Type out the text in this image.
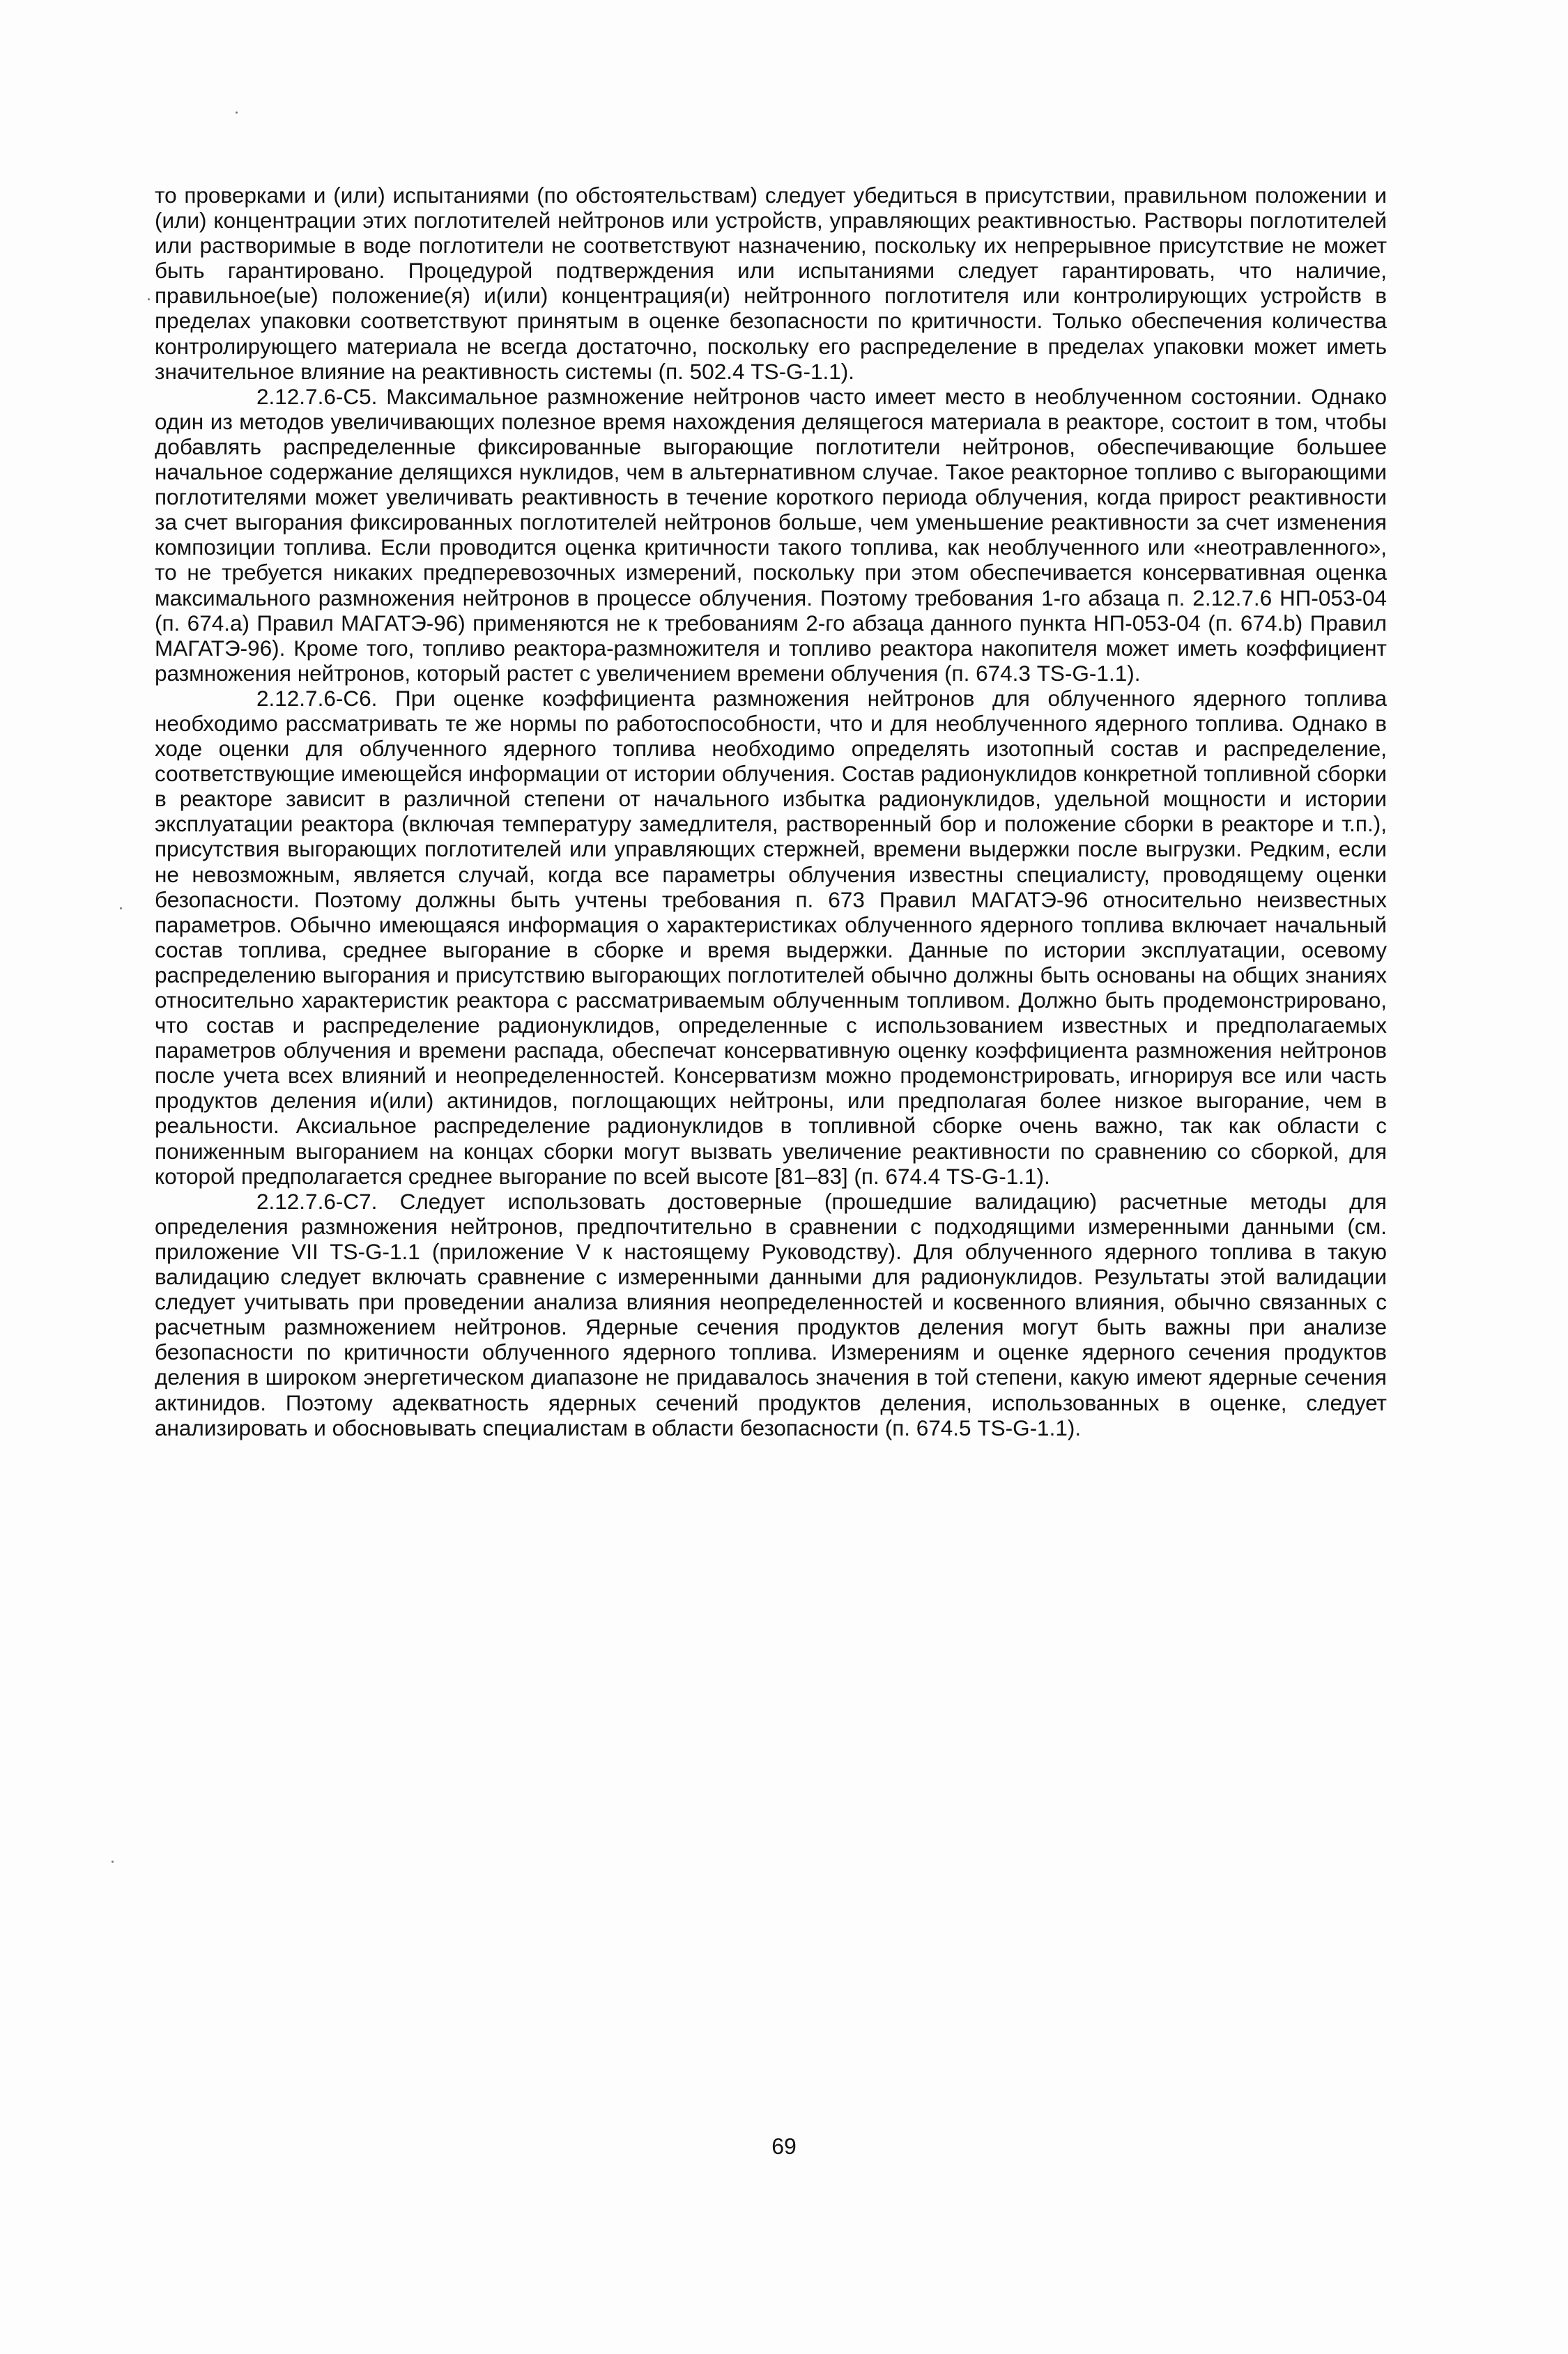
то проверками и (или) испытаниями (по обстоятельствам) следует убедиться в присутствии, правильном положении и (или) концентрации этих поглотителей нейтронов или устройств, управляющих реактивностью. Растворы поглотителей или растворимые в воде поглотители не соответствуют назначению, поскольку их непрерывное присутствие не может быть гарантировано. Процедурой подтверждения или испытаниями следует гарантировать, что наличие, правильное(ые) положение(я) и(или) концентрация(и) нейтронного поглотителя или контролирующих устройств в пределах упаковки соответствуют принятым в оценке безопасности по критичности. Только обеспечения количества контролирующего материала не всегда достаточно, поскольку его распределение в пределах упаковки может иметь значительное влияние на реактивность системы (п. 502.4 TS-G-1.1).

2.12.7.6-С5. Максимальное размножение нейтронов часто имеет место в необлученном состоянии. Однако один из методов увеличивающих полезное время нахождения делящегося материала в реакторе, состоит в том, чтобы добавлять распределенные фиксированные выгорающие поглотители нейтронов, обеспечивающие большее начальное содержание делящихся нуклидов, чем в альтернативном случае. Такое реакторное топливо с выгорающими поглотителями может увеличивать реактивность в течение короткого периода облучения, когда прирост реактивности за счет выгорания фиксированных поглотителей нейтронов больше, чем уменьшение реактивности за счет изменения композиции топлива. Если проводится оценка критичности такого топлива, как необлученного или «неотравленного», то не требуется никаких предперевозочных измерений, поскольку при этом обеспечивается консервативная оценка максимального размножения нейтронов в процессе облучения. Поэтому требования 1-го абзаца п. 2.12.7.6 НП-053-04 (п. 674.a) Правил МАГАТЭ-96) применяются не к требованиям 2-го абзаца данного пункта НП-053-04 (п. 674.b) Правил МАГАТЭ-96). Кроме того, топливо реактора-размножителя и топливо реактора накопителя может иметь коэффициент размножения нейтронов, который растет с увеличением времени облучения (п. 674.3 TS-G-1.1).

2.12.7.6-С6. При оценке коэффициента размножения нейтронов для облученного ядерного топлива необходимо рассматривать те же нормы по работоспособности, что и для необлученного ядерного топлива. Однако в ходе оценки для облученного ядерного топлива необходимо определять изотопный состав и распределение, соответствующие имеющейся информации от истории облучения. Состав радионуклидов конкретной топливной сборки в реакторе зависит в различной степени от начального избытка радионуклидов, удельной мощности и истории эксплуатации реактора (включая температуру замедлителя, растворенный бор и положение сборки в реакторе и т.п.), присутствия выгорающих поглотителей или управляющих стержней, времени выдержки после выгрузки. Редким, если не невозможным, является случай, когда все параметры облучения известны специалисту, проводящему оценки безопасности. Поэтому должны быть учтены требования п. 673 Правил МАГАТЭ-96 относительно неизвестных параметров. Обычно имеющаяся информация о характеристиках облученного ядерного топлива включает начальный состав топлива, среднее выгорание в сборке и время выдержки. Данные по истории эксплуатации, осевому распределению выгорания и присутствию выгорающих поглотителей обычно должны быть основаны на общих знаниях относительно характеристик реактора с рассматриваемым облученным топливом. Должно быть продемонстрировано, что состав и распределение радионуклидов, определенные с использованием известных и предполагаемых параметров облучения и времени распада, обеспечат консервативную оценку коэффициента размножения нейтронов после учета всех влияний и неопределенностей. Консерватизм можно продемонстрировать, игнорируя все или часть продуктов деления и(или) актинидов, поглощающих нейтроны, или предполагая более низкое выгорание, чем в реальности. Аксиальное распределение радионуклидов в топливной сборке очень важно, так как области с пониженным выгоранием на концах сборки могут вызвать увеличение реактивности по сравнению со сборкой, для которой предполагается среднее выгорание по всей высоте [81–83] (п. 674.4 TS-G-1.1).

2.12.7.6-С7. Следует использовать достоверные (прошедшие валидацию) расчетные методы для определения размножения нейтронов, предпочтительно в сравнении с подходящими измеренными данными (см. приложение VII TS-G-1.1 (приложение V к настоящему Руководству). Для облученного ядерного топлива в такую валидацию следует включать сравнение с измеренными данными для радионуклидов. Результаты этой валидации следует учитывать при проведении анализа влияния неопределенностей и косвенного влияния, обычно связанных с расчетным размножением нейтронов. Ядерные сечения продуктов деления могут быть важны при анализе безопасности по критичности облученного ядерного топлива. Измерениям и оценке ядерного сечения продуктов деления в широком энергетическом диапазоне не придавалось значения в той степени, какую имеют ядерные сечения актинидов. Поэтому адекватность ядерных сечений продуктов деления, использованных в оценке, следует анализировать и обосновывать специалистам в области безопасности (п. 674.5 TS-G-1.1).

69
